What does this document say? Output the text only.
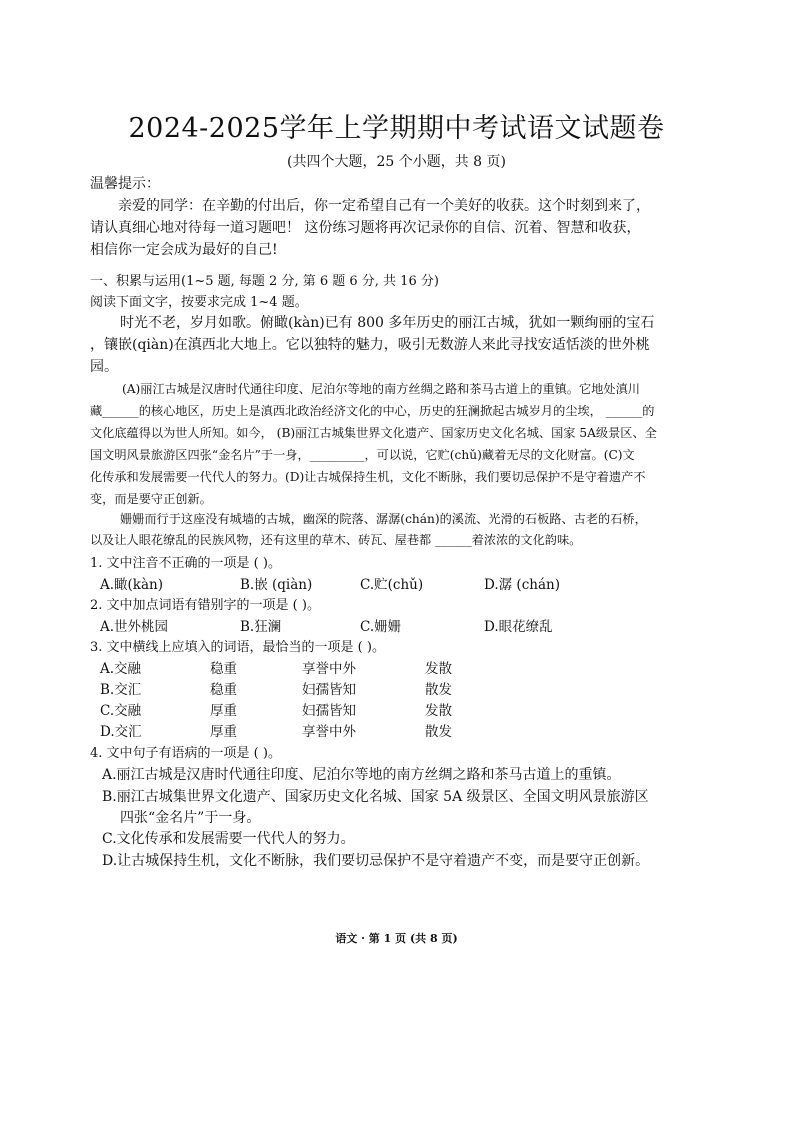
2024-2025学年上学期期中考试语文试题卷
(共四个大题，25 个小题，共 8 页)
温馨提示：
亲爱的同学：在辛勤的付出后，你一定希望自己有一个美好的收获。这个时刻到来了，
请认真细心地对待每一道习题吧！ 这份练习题将再次记录你的自信、沉着、智慧和收获，
相信你一定会成为最好的自己!
一、积累与运用(1~5 题, 每题 2 分, 第 6 题 6 分, 共 16 分)
阅读下面文字，按要求完成 1~4 题。
时光不老，岁月如歌。俯瞰(kàn)已有 800 多年历史的丽江古城，犹如一颗绚丽的宝石
，镶嵌(qiàn)在滇西北大地上。它以独特的魅力，吸引无数游人来此寻找安适恬淡的世外桃
园。
(A)丽江古城是汉唐时代通往印度、尼泊尔等地的南方丝绸之路和茶马古道上的重镇。它地处滇川
藏______的核心地区，历史上是滇西北政治经济文化的中心，历史的狂澜掀起古城岁月的尘埃， ______的
文化底蕴得以为世人所知。如今， (B)丽江古城集世界文化遗产、国家历史文化名城、国家 5A级景区、全
国文明风景旅游区四张“金名片”于一身，_________，可以说，它贮(chǔ)藏着无尽的文化财富。(C)文
化传承和发展需要一代代人的努力。(D)让古城保持生机，文化不断脉，我们要切忌保护不是守着遗产不
变，而是要守正创新。
姗姗而行于这座没有城墙的古城，幽深的院落、潺潺(chán)的溪流、光滑的石板路、古老的石桥，
以及让人眼花缭乱的民族风物，还有这里的草木、砖瓦、屋巷都 ______着浓浓的文化韵味。
1. 文中注音不正确的一项是 ( )。
A.瞰(kàn)	B.嵌 (qiàn)	C.贮(chǔ)	D.潺 (chán)
2. 文中加点词语有错别字的一项是 ( )。
A.世外桃园	B.狂澜	C.姗姗	D.眼花缭乱
3. 文中横线上应填入的词语，最恰当的一项是 ( )。
A.交融	稳重	享誉中外	发散
B.交汇	稳重	妇孺皆知	散发
C.交融	厚重	妇孺皆知	发散
D.交汇	厚重	享誉中外	散发
4. 文中句子有语病的一项是 ( )。
A.丽江古城是汉唐时代通往印度、尼泊尔等地的南方丝绸之路和茶马古道上的重镇。
B.丽江古城集世界文化遗产、国家历史文化名城、国家 5A 级景区、全国文明风景旅游区
四张“金名片”于一身。
C.文化传承和发展需要一代代人的努力。
D.让古城保持生机，文化不断脉，我们要切忌保护不是守着遗产不变，而是要守正创新。
语文 · 第 1 页 (共 8 页)
